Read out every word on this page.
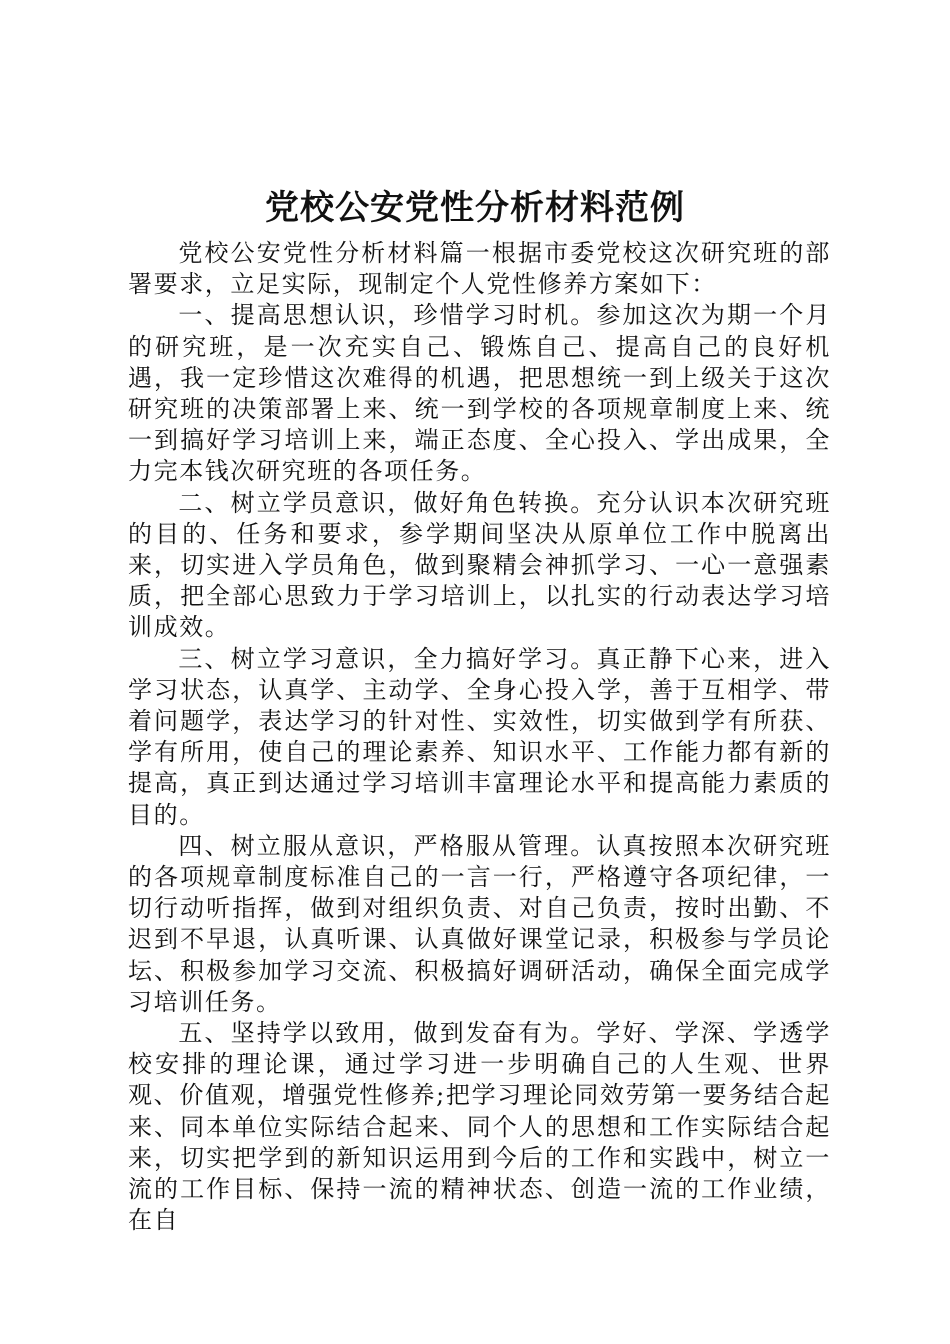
党校公安党性分析材料范例

党校公安党性分析材料篇一根据市委党校这次研究班的部署要求，立足实际，现制定个人党性修养方案如下：

一、提高思想认识，珍惜学习时机。参加这次为期一个月的研究班，是一次充实自己、锻炼自己、提高自己的良好机遇，我一定珍惜这次难得的机遇，把思想统一到上级关于这次研究班的决策部署上来、统一到学校的各项规章制度上来、统一到搞好学习培训上来，端正态度、全心投入、学出成果，全力完本钱次研究班的各项任务。

二、树立学员意识，做好角色转换。充分认识本次研究班的目的、任务和要求，参学期间坚决从原单位工作中脱离出来，切实进入学员角色，做到聚精会神抓学习、一心一意强素质，把全部心思致力于学习培训上，以扎实的行动表达学习培训成效。

三、树立学习意识，全力搞好学习。真正静下心来，进入学习状态，认真学、主动学、全身心投入学，善于互相学、带着问题学，表达学习的针对性、实效性，切实做到学有所获、学有所用，使自己的理论素养、知识水平、工作能力都有新的提高，真正到达通过学习培训丰富理论水平和提高能力素质的目的。

四、树立服从意识，严格服从管理。认真按照本次研究班的各项规章制度标准自己的一言一行，严格遵守各项纪律，一切行动听指挥，做到对组织负责、对自己负责，按时出勤、不迟到不早退，认真听课、认真做好课堂记录，积极参与学员论坛、积极参加学习交流、积极搞好调研活动，确保全面完成学习培训任务。

五、坚持学以致用，做到发奋有为。学好、学深、学透学校安排的理论课，通过学习进一步明确自己的人生观、世界观、价值观，增强党性修养;把学习理论同效劳第一要务结合起来、同本单位实际结合起来、同个人的思想和工作实际结合起来，切实把学到的新知识运用到今后的工作和实践中，树立一流的工作目标、保持一流的精神状态、创造一流的工作业绩，在自
